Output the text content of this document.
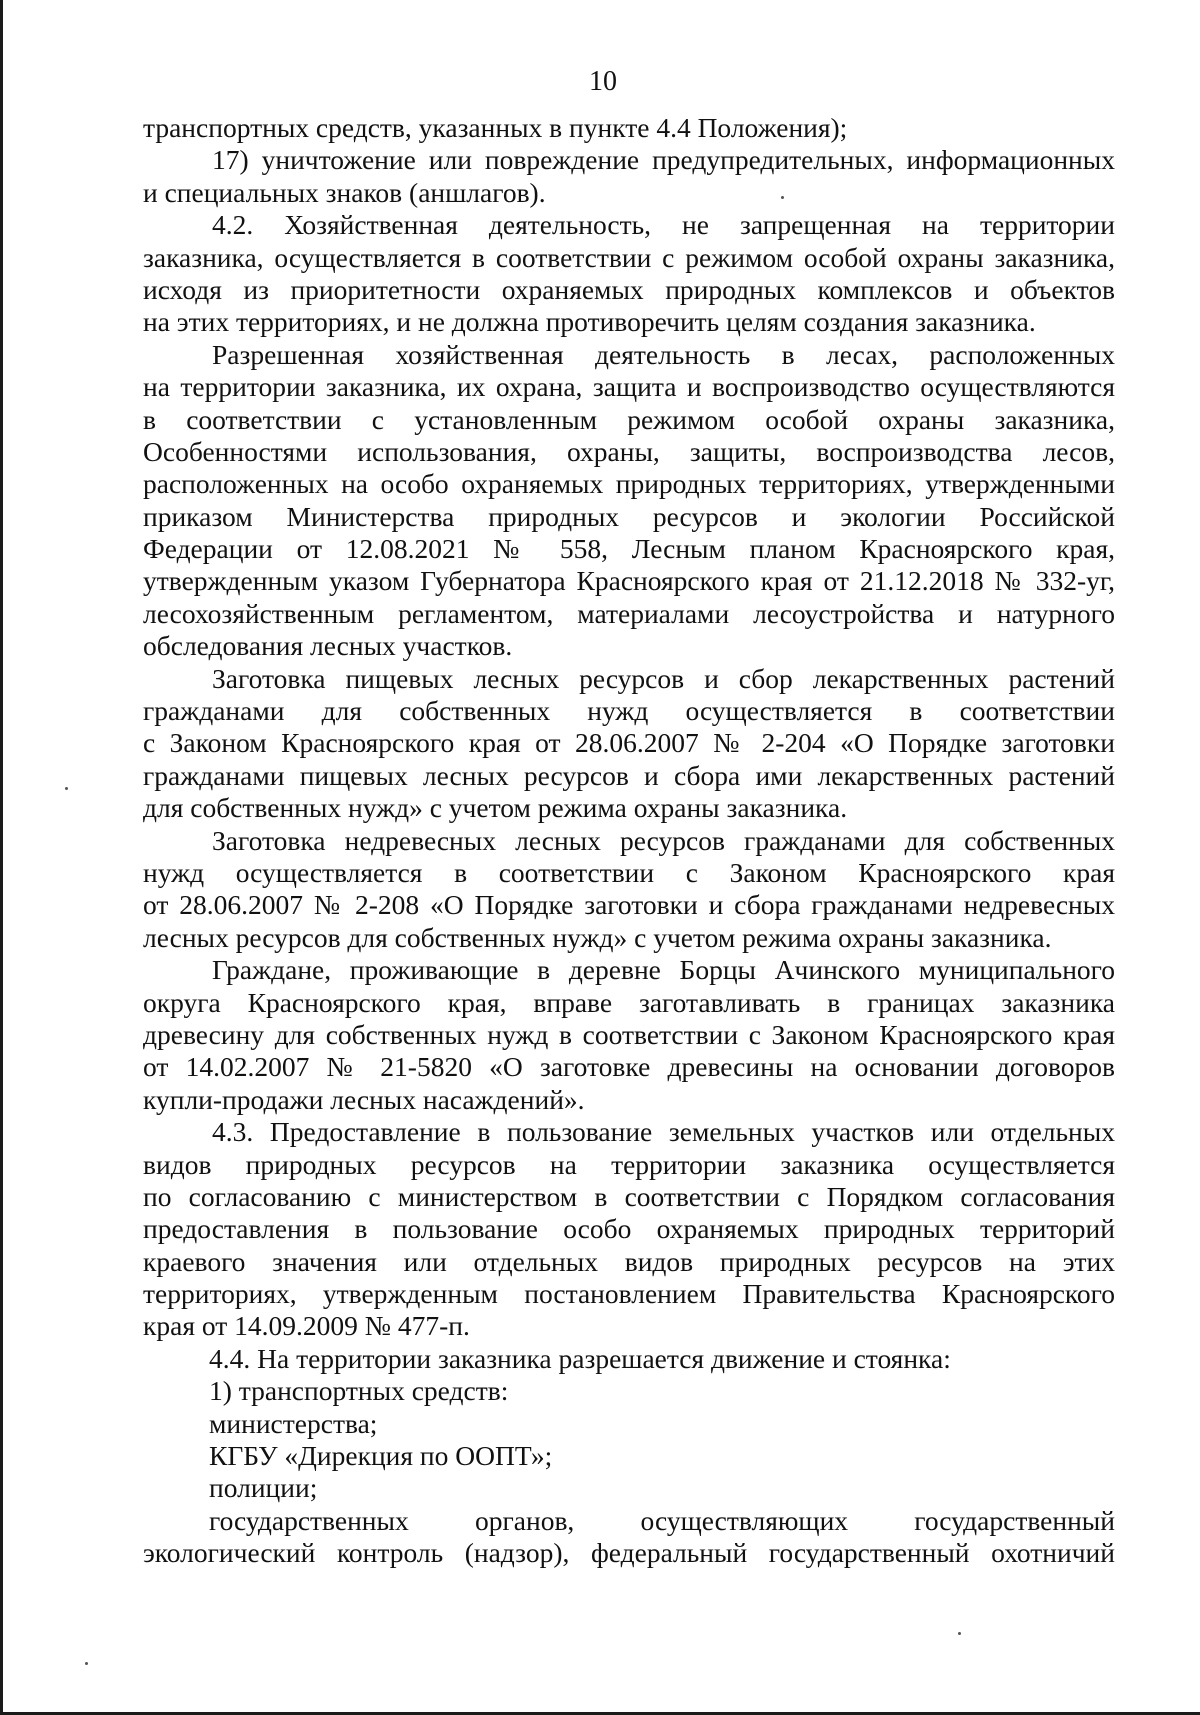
10
транспортных средств, указанных в пункте 4.4 Положения);
17) уничтожение или повреждение предупредительных, информационных
и специальных знаков (аншлагов).
4.2. Хозяйственная деятельность, не запрещенная на территории
заказника, осуществляется в соответствии с режимом особой охраны заказника,
исходя из приоритетности охраняемых природных комплексов и объектов
на этих территориях, и не должна противоречить целям создания заказника.
Разрешенная хозяйственная деятельность в лесах, расположенных
на территории заказника, их охрана, защита и воспроизводство осуществляются
в соответствии с установленным режимом особой охраны заказника,
Особенностями использования, охраны, защиты, воспроизводства лесов,
расположенных на особо охраняемых природных территориях, утвержденными
приказом Министерства природных ресурсов и экологии Российской
Федерации от 12.08.2021 № 558, Лесным планом Красноярского края,
утвержденным указом Губернатора Красноярского края от 21.12.2018 № 332-уг,
лесохозяйственным регламентом, материалами лесоустройства и натурного
обследования лесных участков.
Заготовка пищевых лесных ресурсов и сбор лекарственных растений
гражданами для собственных нужд осуществляется в соответствии
с Законом Красноярского края от 28.06.2007 № 2-204 «О Порядке заготовки
гражданами пищевых лесных ресурсов и сбора ими лекарственных растений
для собственных нужд» с учетом режима охраны заказника.
Заготовка недревесных лесных ресурсов гражданами для собственных
нужд осуществляется в соответствии с Законом Красноярского края
от 28.06.2007 № 2-208 «О Порядке заготовки и сбора гражданами недревесных
лесных ресурсов для собственных нужд» с учетом режима охраны заказника.
Граждане, проживающие в деревне Борцы Ачинского муниципального
округа Красноярского края, вправе заготавливать в границах заказника
древесину для собственных нужд в соответствии с Законом Красноярского края
от 14.02.2007 № 21-5820 «О заготовке древесины на основании договоров
купли-продажи лесных насаждений».
4.3. Предоставление в пользование земельных участков или отдельных
видов природных ресурсов на территории заказника осуществляется
по согласованию с министерством в соответствии с Порядком согласования
предоставления в пользование особо охраняемых природных территорий
краевого значения или отдельных видов природных ресурсов на этих
территориях, утвержденным постановлением Правительства Красноярского
края от 14.09.2009 № 477-п.
4.4. На территории заказника разрешается движение и стоянка:
1) транспортных средств:
министерства;
КГБУ «Дирекция по ООПТ»;
полиции;
государственных органов, осуществляющих государственный
экологический контроль (надзор), федеральный государственный охотничий
